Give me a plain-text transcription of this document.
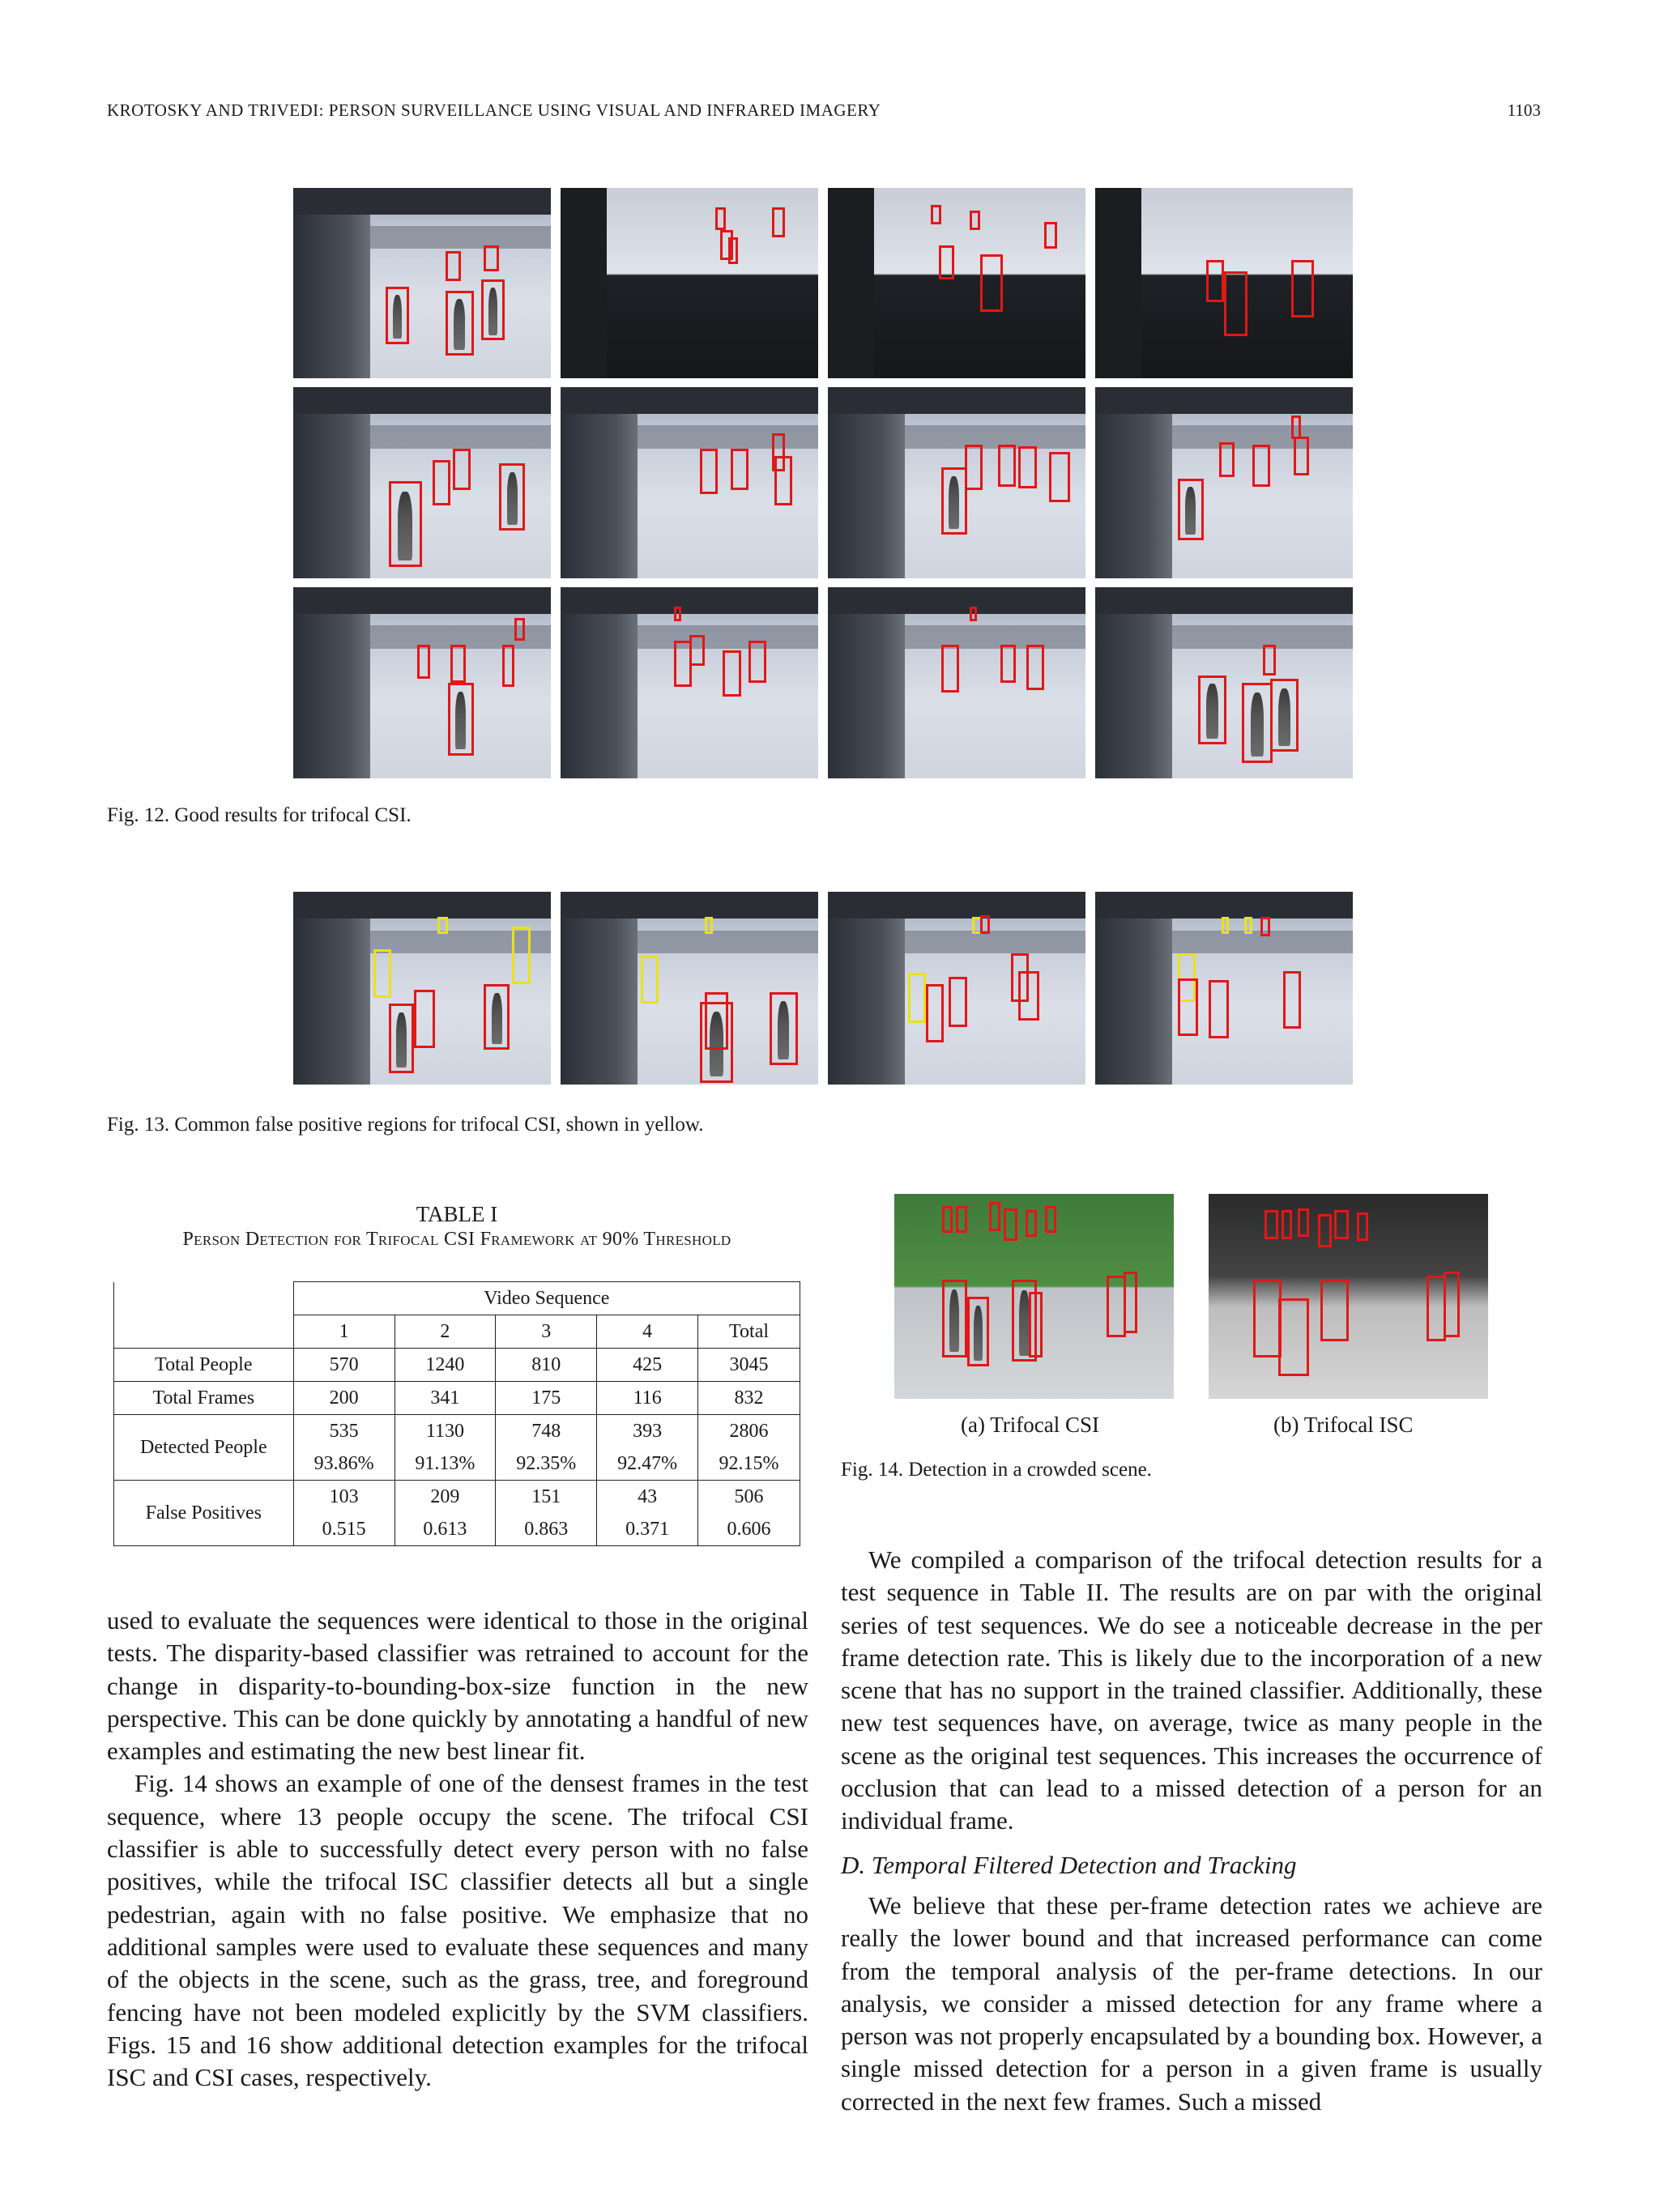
KROTOSKY AND TRIVEDI: PERSON SURVEILLANCE USING VISUAL AND INFRARED IMAGERY	1103
Fig. 12. Good results for trifocal CSI.
Fig. 13. Common false positive regions for trifocal CSI, shown in yellow.
TABLE I
Person Detection for Trifocal CSI Framework at 90% Threshold
	Video Sequence				
	1	2	3	4	Total
Total People	570	1240	810	425	3045
Total Frames	200	341	175	116	832
Detected People	535	1130	748	393	2806
	93.86%	91.13%	92.35%	92.47%	92.15%
False Positives	103	209	151	43	506
	0.515	0.613	0.863	0.371	0.606
(a) Trifocal CSI	(b) Trifocal ISC
Fig. 14. Detection in a crowded scene.

used to evaluate the sequences were identical to those in the original tests. The disparity-based classifier was retrained to account for the change in disparity-to-bounding-box-size function in the new perspective. This can be done quickly by annotating a handful of new examples and estimating the new best linear fit.

Fig. 14 shows an example of one of the densest frames in the test sequence, where 13 people occupy the scene. The trifocal CSI classifier is able to successfully detect every person with no false positives, while the trifocal ISC classifier detects all but a single pedestrian, again with no false positive. We emphasize that no additional samples were used to evaluate these sequences and many of the objects in the scene, such as the grass, tree, and foreground fencing have not been modeled explicitly by the SVM classifiers. Figs. 15 and 16 show additional detection examples for the trifocal ISC and CSI cases, respectively.

We compiled a comparison of the trifocal detection results for a test sequence in Table II. The results are on par with the original series of test sequences. We do see a noticeable decrease in the per frame detection rate. This is likely due to the incorporation of a new scene that has no support in the trained classifier. Additionally, these new test sequences have, on average, twice as many people in the scene as the original test sequences. This increases the occurrence of occlusion that can lead to a missed detection of a person for an individual frame.

D. Temporal Filtered Detection and Tracking

We believe that these per-frame detection rates we achieve are really the lower bound and that increased performance can come from the temporal analysis of the per-frame detections. In our analysis, we consider a missed detection for any frame where a person was not properly encapsulated by a bounding box. However, a single missed detection for a person in a given frame is usually corrected in the next few frames. Such a missed
